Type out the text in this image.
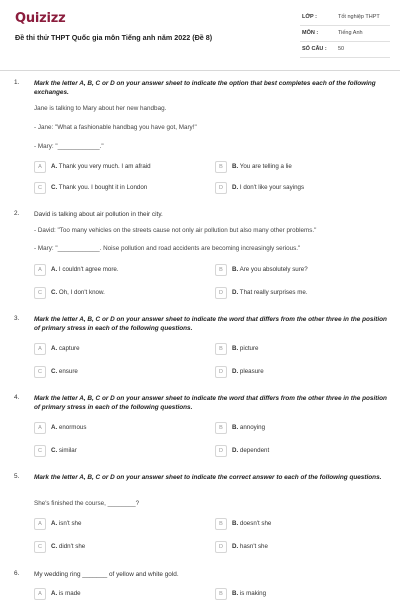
Quizizz
Đề thi thử THPT Quốc gia môn Tiếng anh năm 2022 (Đề 8)
LỚP :	Tốt nghiệp THPT
MÔN :	Tiếng Anh
SỐ CÂU : 50
1. Mark the letter A, B, C or D on your answer sheet to indicate the option that best completes each of the following exchanges.
Jane is talking to Mary about her new handbag.
- Jane: "What a fashionable handbag you have got, Mary!"
- Mary: "____________."
A	A. Thank you very much. I am afraid	B	B. You are telling a lie
C	C. Thank you. I bought it in London	D	D. I don't like your sayings
2. David is talking about air pollution in their city.
- David: "Too many vehicles on the streets cause not only air pollution but also many other problems."
- Mary: "____________. Noise pollution and road accidents are becoming increasingly serious."
A	A. I couldn't agree more.	B	B. Are you absolutely sure?
C	C. Oh, I don't know.	D	D. That really surprises me.
3. Mark the letter A, B, C or D on your answer sheet to indicate the word that differs from the other three in the position of primary stress in each of the following questions.
A	A. capture	B	B. picture
C	C. ensure	D	D. pleasure
4. Mark the letter A, B, C or D on your answer sheet to indicate the word that differs from the other three in the position of primary stress in each of the following questions.
A	A. enormous	B	B. annoying
C	C. similar	D	D. dependent
5. Mark the letter A, B, C or D on your answer sheet to indicate the correct answer to each of the following questions.
She's finished the course, ________?
A	A. isn't she	B	B. doesn't she
C	C. didn't she	D	D. hasn't she
6. My wedding ring _______ of yellow and white gold.
A	A. is made	B	B. is making
